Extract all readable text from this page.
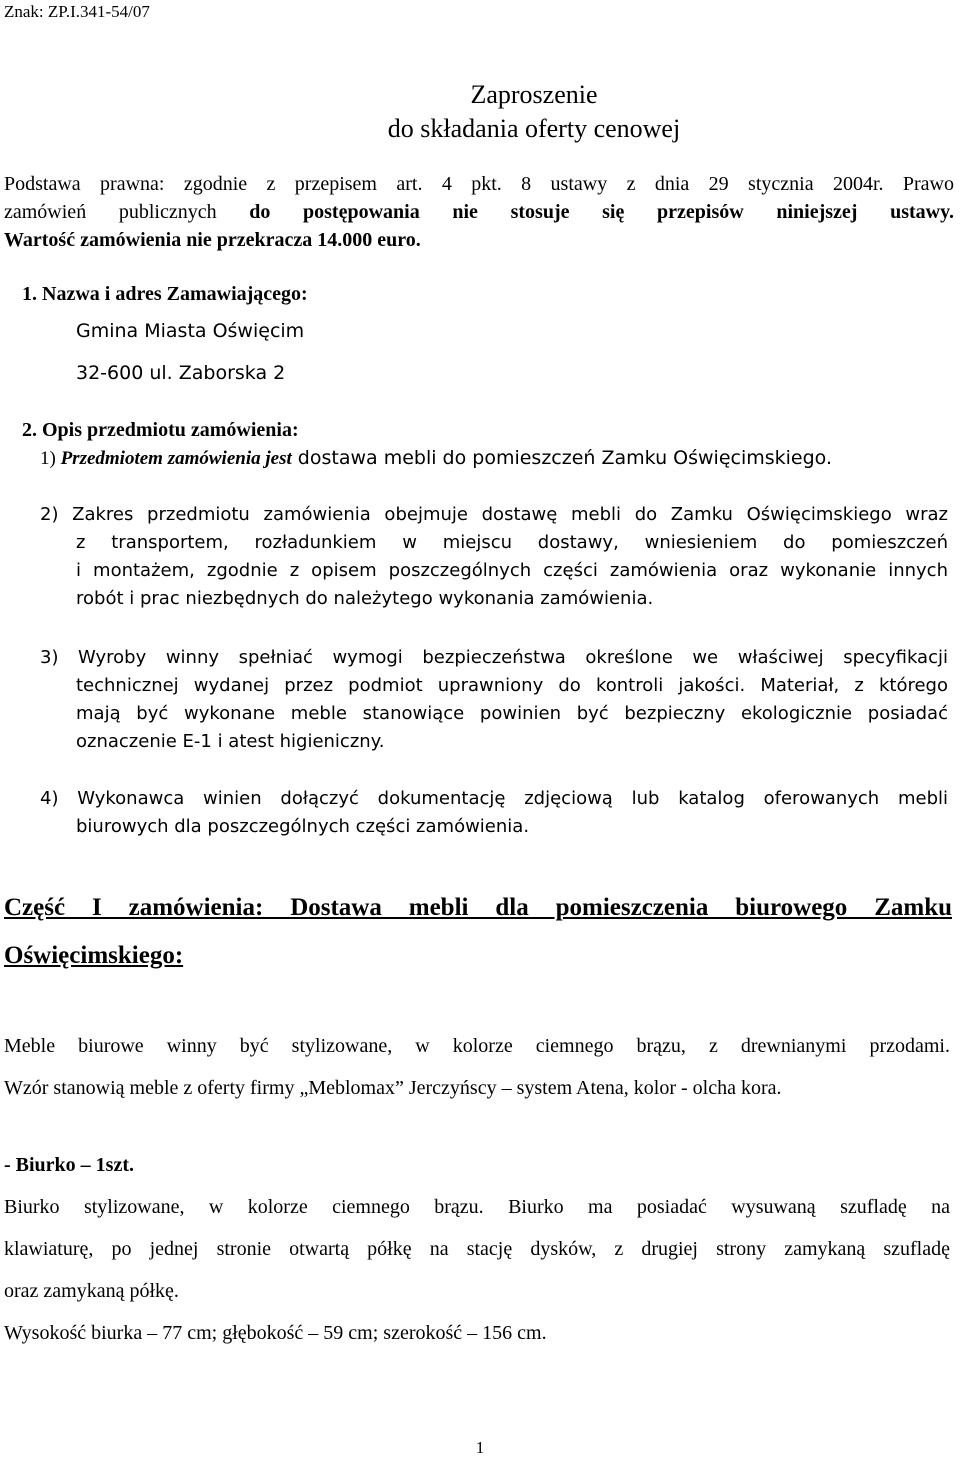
Znak: ZP.I.341-54/07
Zaproszenie
do składania oferty cenowej
Podstawa prawna: zgodnie z przepisem art. 4 pkt. 8 ustawy z dnia 29 stycznia 2004r. Prawo
zamówień publicznych do postępowania nie stosuje się przepisów niniejszej ustawy.
Wartość zamówienia nie przekracza 14.000 euro.
1. Nazwa i adres Zamawiającego:
Gmina Miasta Oświęcim
32-600 ul. Zaborska 2
2. Opis przedmiotu zamówienia:
1) Przedmiotem zamówienia jest dostawa mebli do pomieszczeń Zamku Oświęcimskiego.
2) Zakres przedmiotu zamówienia obejmuje dostawę mebli do Zamku Oświęcimskiego wraz
z transportem, rozładunkiem w miejscu dostawy, wniesieniem do pomieszczeń
i montażem, zgodnie z opisem poszczególnych części zamówienia oraz wykonanie innych
robót i prac niezbędnych do należytego wykonania zamówienia.
3) Wyroby winny spełniać wymogi bezpieczeństwa określone we właściwej specyfikacji
technicznej wydanej przez podmiot uprawniony do kontroli jakości. Materiał, z którego
mają być wykonane meble stanowiące powinien być bezpieczny ekologicznie posiadać
oznaczenie E-1 i atest higieniczny.
4) Wykonawca winien dołączyć dokumentację zdjęciową lub katalog oferowanych mebli
biurowych dla poszczególnych części zamówienia.
Część I zamówienia: Dostawa mebli dla pomieszczenia biurowego Zamku
Oświęcimskiego:
Meble biurowe winny być stylizowane, w kolorze ciemnego brązu, z drewnianymi przodami.
Wzór stanowią meble z oferty firmy „Meblomax” Jerczyńscy – system Atena, kolor - olcha kora.
- Biurko – 1szt.
Biurko stylizowane, w kolorze ciemnego brązu. Biurko ma posiadać wysuwaną szufladę na
klawiaturę, po jednej stronie otwartą półkę na stację dysków, z drugiej strony zamykaną szufladę
oraz zamykaną półkę.
Wysokość biurka – 77 cm; głębokość – 59 cm; szerokość – 156 cm.
1
